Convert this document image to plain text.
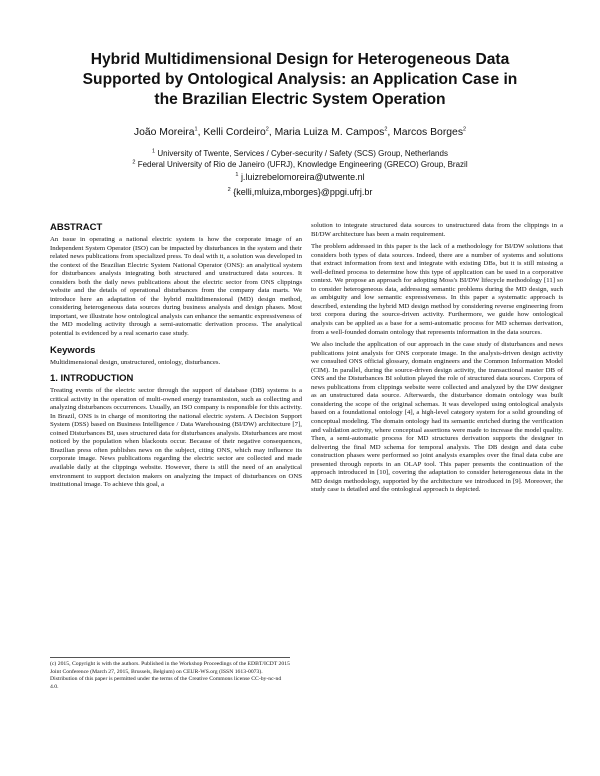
Hybrid Multidimensional Design for Heterogeneous Data
Supported by Ontological Analysis: an Application Case in
the Brazilian Electric System Operation
João Moreira$^1$, Kelli Cordeiro$^2$, Maria Luiza M. Campos$^2$, Marcos Borges$^2$
$^1$ University of Twente, Services / Cyber-security / Safety (SCS) Group, Netherlands
$^2$ Federal University of Rio de Janeiro (UFRJ), Knowledge Engineering (GRECO) Group, Brazil
$^1$ j.luizrebelomoreira@utwente.nl
$^2$ {kelli,mluiza,mborges}@ppgi.ufrj.br
ABSTRACT

An issue in operating a national electric system is how the corporate image of an Independent System Operator (ISO) can be impacted by disturbances in the system and their related news publications from specialized press. To deal with it, a solution was developed in the context of the Brazilian Electric System National Operator (ONS): an analytical system for disturbances analysis integrating both structured and unstructured data sources. It considers both the daily news publications about the electric sector from ONS clippings website and the details of operational disturbances from the company data marts. We introduce here an adaptation of the hybrid multidimensional (MD) design method, considering heterogeneous data sources during business analysis and design phases. Most important, we illustrate how ontological analysis can enhance the semantic expressiveness of the MD modeling activity through a semi-automatic derivation process. The analytical potential is evidenced by a real scenario case study.

Keywords

Multidimensional design, unstructured, ontology, disturbances.

1. INTRODUCTION

Treating events of the electric sector through the support of database (DB) systems is a critical activity in the operation of multi-owned energy transmission, such as collecting and analyzing disturbances occurrences. Usually, an ISO company is responsible for this activity. In Brazil, ONS is in charge of monitoring the national electric system. A Decision Support System (DSS) based on Business Intelligence / Data Warehousing (BI/DW) architecture [7], coined Disturbances BI, uses structured data for disturbances analysis. Disturbances are most noticed by the population when blackouts occur. Because of their negative consequences, Brazilian press often publishes news on the subject, citing ONS, which may influence its corporate image. News publications regarding the electric sector are collected and made available daily at the clippings website. However, there is still the need of an analytical environment to support decision makers on analyzing the impact of disturbances on ONS institutional image. To achieve this goal, a

(c) 2015, Copyright is with the authors. Published in the Workshop Proceedings of the EDBT/ICDT 2015 Joint Conference (March 27, 2015, Brussels, Belgium) on CEUR-WS.org (ISSN 1613-0073). Distribution of this paper is permitted under the terms of the Creative Commons license CC-by-nc-nd 4.0.

solution to integrate structured data sources to unstructured data from the clippings in a BI/DW architecture has been a main requirement.

The problem addressed in this paper is the lack of a methodology for BI/DW solutions that considers both types of data sources. Indeed, there are a number of systems and solutions that extract information from text and integrate with existing DBs, but it is still missing a well-defined process to determine how this type of application can be used in a corporative context. We propose an approach for adopting Moss's BI/DW lifecycle methodology [11] so to consider heterogeneous data, addressing semantic problems during the MD design, such as ambiguity and low semantic expressiveness. In this paper a systematic approach is described, extending the hybrid MD design method by considering reverse engineering from text corpora during the source-driven activity. Furthermore, we guide how ontological analysis can be applied as a base for a semi-automatic process for MD schemas derivation, from a well-founded domain ontology that represents information in the data sources.

We also include the application of our approach in the case study of disturbances and news publications joint analysis for ONS corporate image. In the analysis-driven design activity we consulted ONS official glossary, domain engineers and the Common Information Model (CIM). In parallel, during the source-driven design activity, the transactional master DB of ONS and the Disturbances BI solution played the role of structured data sources. Corpora of news publications from clippings website were collected and analyzed by the DW designer as an unstructured data source. Afterwards, the disturbance domain ontology was built considering the scope of the original schemas. It was developed using ontological analysis based on a foundational ontology [4], a high-level category system for a solid grounding of conceptual modeling. The domain ontology had its semantic enriched during the verification and validation activity, where conceptual assertions were made to increase the model quality. Then, a semi-automatic process for MD structures derivation supports the designer in delivering the final MD schema for temporal analysis. The DB design and data cube construction phases were performed so joint analysis examples over the final data cube are presented through reports in an OLAP tool. This paper presents the continuation of the approach introduced in [10], covering the adaptation to consider heterogeneous data in the MD design methodology, supported by the architecture we introduced in [9]. Moreover, the study case is detailed and the ontological approach is depicted.
